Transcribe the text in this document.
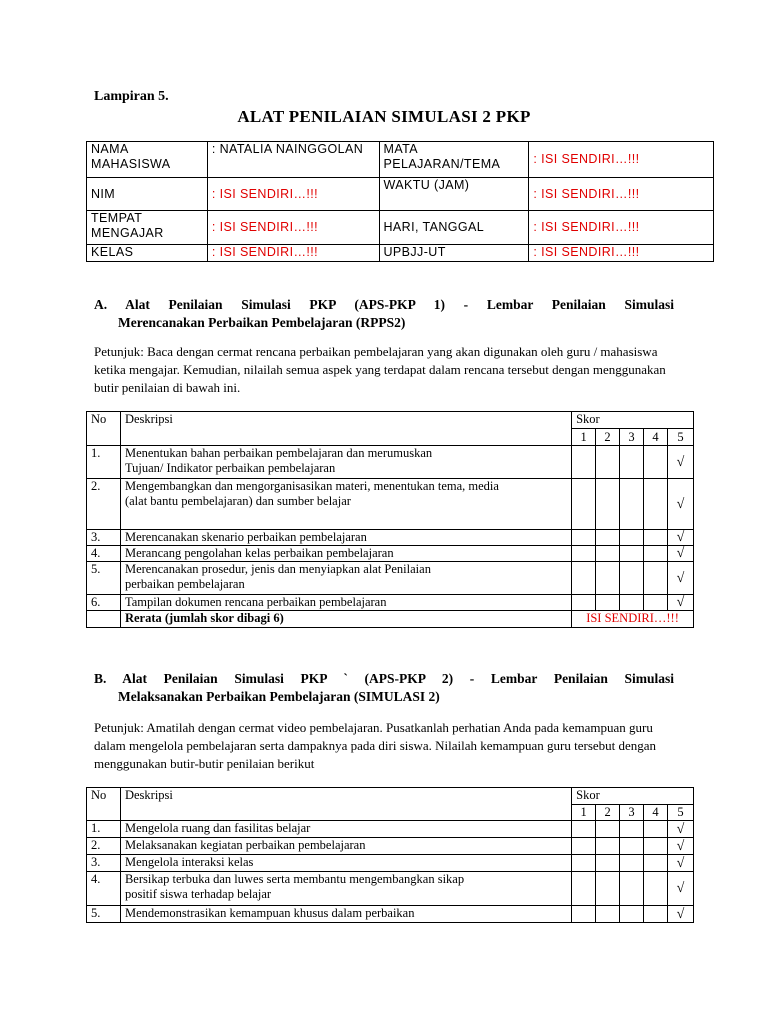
Lampiran 5.
ALAT PENILAIAN SIMULASI 2 PKP
NAMA MAHASISWA	: NATALIA NAINGGOLAN	MATA PELAJARAN/TEMA	: ISI SENDIRI…!!!
NIM	: ISI SENDIRI…!!!	WAKTU (JAM)	: ISI SENDIRI…!!!
TEMPAT MENGAJAR	: ISI SENDIRI…!!!	HARI, TANGGAL	: ISI SENDIRI…!!!
KELAS	: ISI SENDIRI…!!!	UPBJJ-UT	: ISI SENDIRI…!!!
A. Alat Penilaian Simulasi PKP (APS-PKP 1) - Lembar Penilaian Simulasi
Merencanakan Perbaikan Pembelajaran (RPPS2)
Petunjuk: Baca dengan cermat rencana perbaikan pembelajaran yang akan digunakan oleh guru / mahasiswa ketika mengajar. Kemudian, nilailah semua aspek yang terdapat dalam rencana tersebut dengan menggunakan butir penilaian di bawah ini.
No	Deskripsi	Skor				
		1	2	3	4	5
1.	Menentukan bahan perbaikan pembelajaran dan merumuskan
Tujuan/ Indikator perbaikan pembelajaran					√
2.	Mengembangkan dan mengorganisasikan materi, menentukan tema, media
(alat bantu pembelajaran) dan sumber belajar					√
3.	Merencanakan skenario perbaikan pembelajaran					√
4.	Merancang pengolahan kelas perbaikan pembelajaran					√
5.	Merencanakan prosedur, jenis dan menyiapkan alat Penilaian
perbaikan pembelajaran					√
6.	Tampilan dokumen rencana perbaikan pembelajaran					√
	Rerata (jumlah skor dibagi 6)	ISI SENDIRI…!!!				
B. Alat Penilaian Simulasi PKP ` (APS-PKP 2) - Lembar Penilaian Simulasi
Melaksanakan Perbaikan Pembelajaran (SIMULASI 2)
Petunjuk: Amatilah dengan cermat video pembelajaran. Pusatkanlah perhatian Anda pada kemampuan guru dalam mengelola pembelajaran serta dampaknya pada diri siswa. Nilailah kemampuan guru tersebut dengan menggunakan butir-butir penilaian berikut
No	Deskripsi	Skor				
		1	2	3	4	5
1.	Mengelola ruang dan fasilitas belajar					√
2.	Melaksanakan kegiatan perbaikan pembelajaran					√
3.	Mengelola interaksi kelas					√
4.	Bersikap terbuka dan luwes serta membantu mengembangkan sikap
positif siswa terhadap belajar					√
5.	Mendemonstrasikan kemampuan khusus dalam perbaikan					√
